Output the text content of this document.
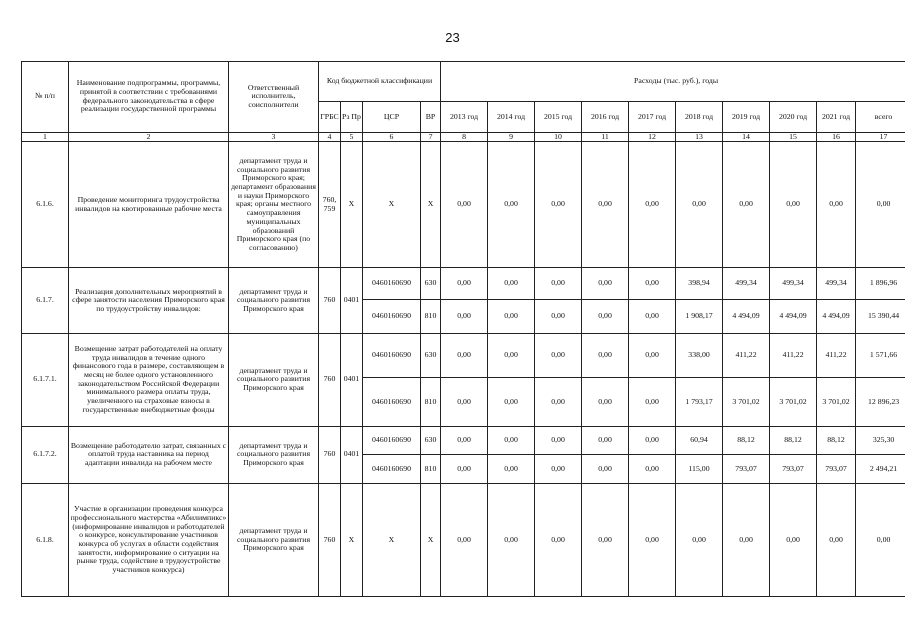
23
№ п/п	Наименование подпрограммы, программы, принятой в соответствии с требованиями федерального законодательства в сфере реализации государственной программы	Ответственный исполнитель, соисполнители	Код бюджетной классификации				Расходы (тыс. руб.), годы									
			ГРБС	Рз Пр	ЦСР	ВР	2013 год	2014 год	2015 год	2016 год	2017 год	2018 год	2019 год	2020 год	2021 год	всего
1	2	3	4	5	6	7	8	9	10	11	12	13	14	15	16	17
6.1.6.	Проведение мониторинга трудоустройства инвалидов на квотированные рабочие места	департамент труда и социального развития Приморского края; департамент образования и науки Приморского края; органы местного самоуправления муниципальных образований Приморского края (по согласованию)	760, 759	X	X	X	0,00	0,00	0,00	0,00	0,00	0,00	0,00	0,00	0,00	0,00
6.1.7.	Реализация дополнительных мероприятий в сфере занятости населения Приморского края по трудоустройству инвалидов:	департамент труда и социального развития Приморского края	760	0401	0460160690	630	0,00	0,00	0,00	0,00	0,00	398,94	499,34	499,34	499,34	1 896,96
					0460160690	810	0,00	0,00	0,00	0,00	0,00	1 908,17	4 494,09	4 494,09	4 494,09	15 390,44
6.1.7.1.	Возмещение затрат работодателей на оплату труда инвалидов в течение одного финансового года в размере, составляющем в месяц не более одного установленного законодательством Российской Федерации минимального размера оплаты труда, увеличенного на страховые взносы в государственные внебюджетные фонды	департамент труда и социального развития Приморского края	760	0401	0460160690	630	0,00	0,00	0,00	0,00	0,00	338,00	411,22	411,22	411,22	1 571,66
					0460160690	810	0,00	0,00	0,00	0,00	0,00	1 793,17	3 701,02	3 701,02	3 701,02	12 896,23
6.1.7.2.	Возмещение работодателю затрат, связанных с оплатой труда наставника на период адаптации инвалида на рабочем месте	департамент труда и социального развития Приморского края	760	0401	0460160690	630	0,00	0,00	0,00	0,00	0,00	60,94	88,12	88,12	88,12	325,30
					0460160690	810	0,00	0,00	0,00	0,00	0,00	115,00	793,07	793,07	793,07	2 494,21
6.1.8.	Участие в организации проведения конкурса профессионального мастерства «Абилимпикс» (информирование инвалидов и работодателей о конкурсе, консультирование участников конкурса об услугах в области содействия занятости, информирование о ситуации на рынке труда, содействие в трудоустройстве участников конкурса)	департамент труда и социального развития Приморского края	760	X	X	X	0,00	0,00	0,00	0,00	0,00	0,00	0,00	0,00	0,00	0,00
